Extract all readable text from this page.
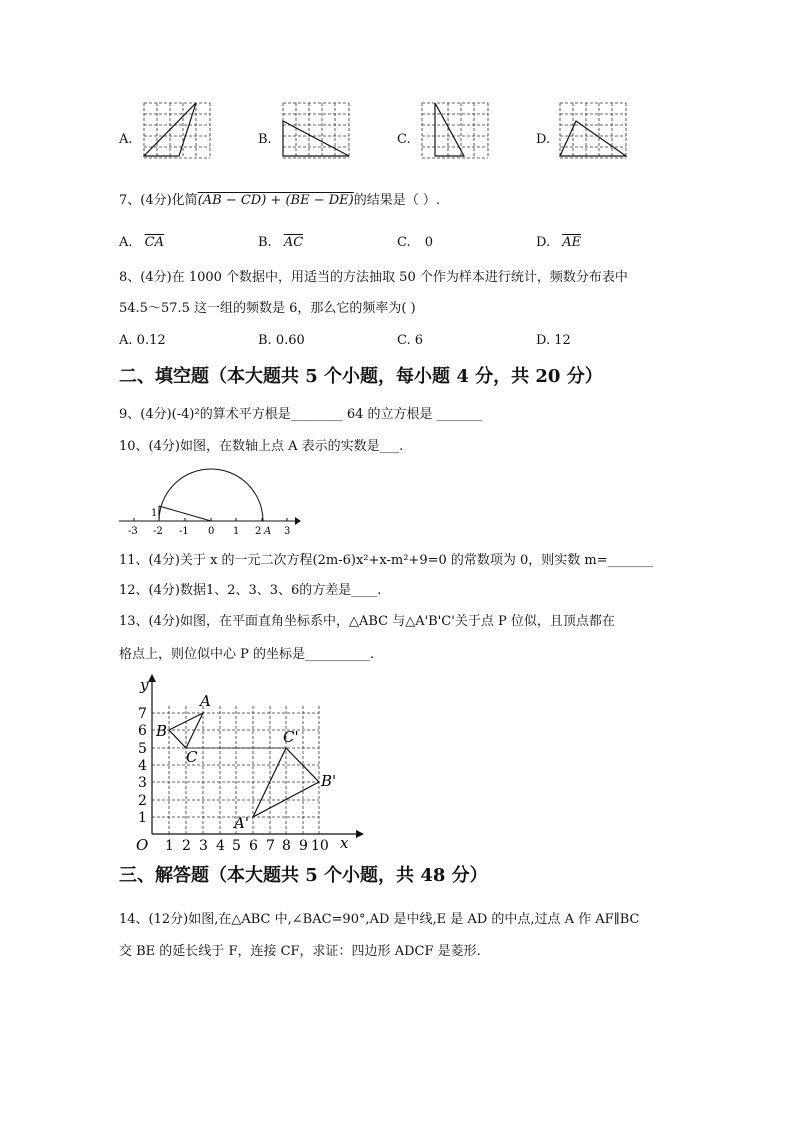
A.	B.	C.	D.
7、(4分)化简(AB − CD) + (BE − DE)的结果是（ ）.
A. $\overline{CA}$	B. $\overline{AC}$	C. 0	D. $\overline{AE}$
8、(4分)在 1000 个数据中，用适当的方法抽取 50 个作为样本进行统计，频数分布表中
54.5～57.5 这一组的频数是 6，那么它的频率为( )
A. 0.12	B. 0.60	C. 6	D. 12
二、填空题（本大题共 5 个小题，每小题 4 分，共 20 分）
9、(4分)(-4)²的算术平方根是________ 64 的立方根是 _______
10、(4分)如图，在数轴上点 A 表示的实数是___.
1
-3 -2 -1 0 1 2 3
A
11、(4分)关于 x 的一元二次方程(2m-6)x²+x-m²+9=0 的常数项为 0，则实数 m=_______
12、(4分)数据1、2、3、3、6的方差是____.
13、(4分)如图，在平面直角坐标系中，△ABC 与△A'B'C'关于点 P 位似，且顶点都在
格点上，则位似中心 P 的坐标是__________.
y
x
O
1
2
3
4
5
6
7
1 2 3 4 5 6 7 8 9 10
A
B
C
A'
B'
C'
三、解答题（本大题共 5 个小题，共 48 分）
14、(12分)如图,在△ABC 中,∠BAC=90°,AD 是中线,E 是 AD 的中点,过点 A 作 AF∥BC
交 BE 的延长线于 F，连接 CF，求证：四边形 ADCF 是菱形.
